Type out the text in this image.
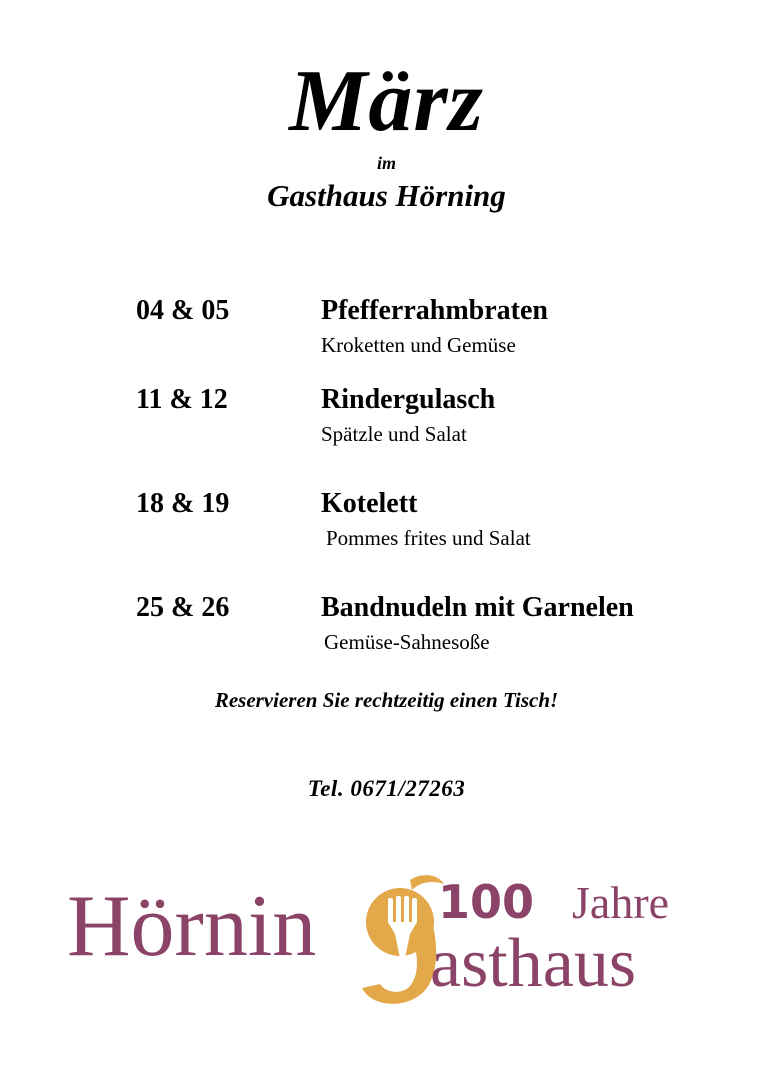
März
im
Gasthaus Hörning
04 & 05	Pfefferrahmbraten
Kroketten und Gemüse
11 & 12	Rindergulasch
Spätzle und Salat
18 & 19	Kotelett
Pommes frites und Salat
25 & 26	Bandnudeln mit Garnelen
Gemüse-Sahnesoße
Reservieren Sie rechtzeitig einen Tisch!
Tel. 0671/27263
Hörnin	100 Jahre
asthaus
